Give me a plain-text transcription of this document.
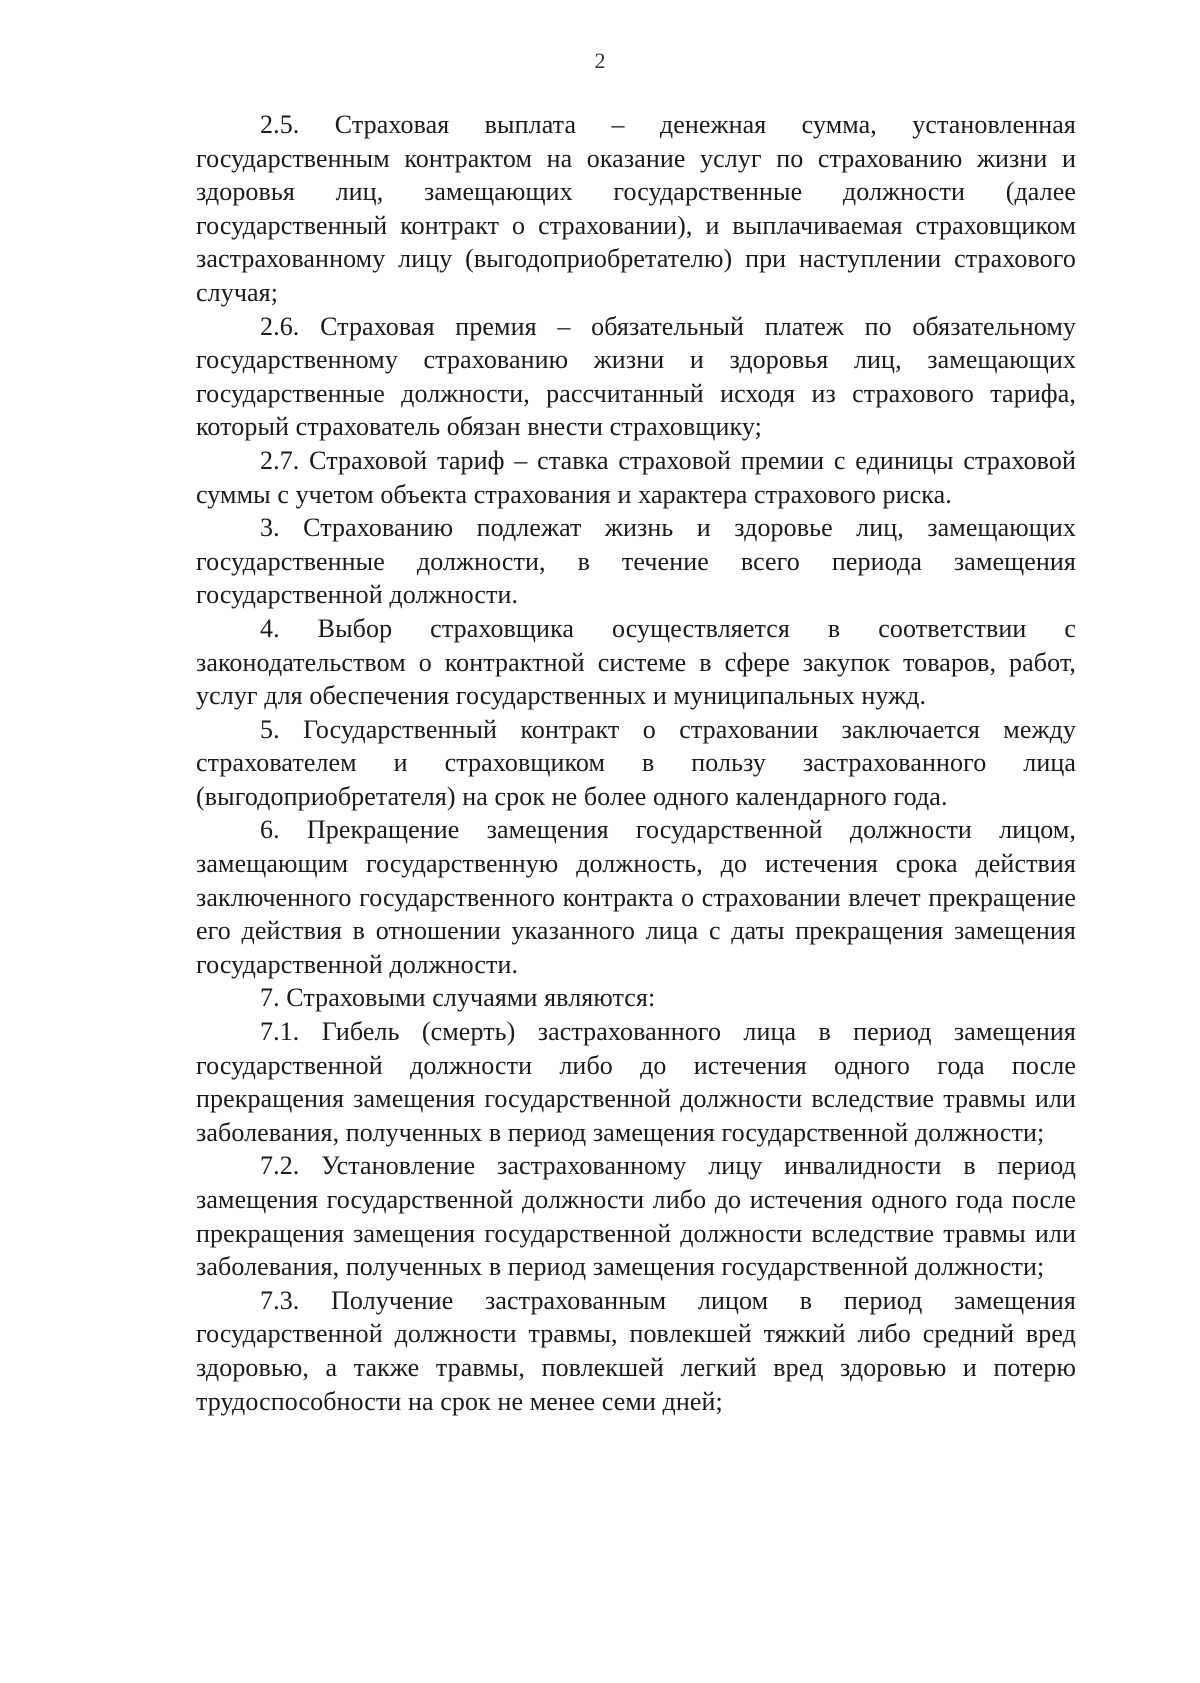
2

2.5. Страховая выплата – денежная сумма, установленная государственным контрактом на оказание услуг по страхованию жизни и здоровья лиц, замещающих государственные должности (далее государственный контракт о страховании), и выплачиваемая страховщиком застрахованному лицу (выгодоприобретателю) при наступлении страхового случая;

2.6. Страховая премия – обязательный платеж по обязательному государственному страхованию жизни и здоровья лиц, замещающих государственные должности, рассчитанный исходя из страхового тарифа, который страхователь обязан внести страховщику;

2.7. Страховой тариф – ставка страховой премии с единицы страховой суммы с учетом объекта страхования и характера страхового риска.

3. Страхованию подлежат жизнь и здоровье лиц, замещающих государственные должности, в течение всего периода замещения государственной должности.

4. Выбор страховщика осуществляется в соответствии с законодательством о контрактной системе в сфере закупок товаров, работ, услуг для обеспечения государственных и муниципальных нужд.

5. Государственный контракт о страховании заключается между страхователем и страховщиком в пользу застрахованного лица (выгодоприобретателя) на срок не более одного календарного года.

6. Прекращение замещения государственной должности лицом, замещающим государственную должность, до истечения срока действия заключенного государственного контракта о страховании влечет прекращение его действия в отношении указанного лица с даты прекращения замещения государственной должности.

7. Страховыми случаями являются:

7.1. Гибель (смерть) застрахованного лица в период замещения государственной должности либо до истечения одного года после прекращения замещения государственной должности вследствие травмы или заболевания, полученных в период замещения государственной должности;

7.2. Установление застрахованному лицу инвалидности в период замещения государственной должности либо до истечения одного года после прекращения замещения государственной должности вследствие травмы или заболевания, полученных в период замещения государственной должности;

7.3. Получение застрахованным лицом в период замещения государственной должности травмы, повлекшей тяжкий либо средний вред здоровью, а также травмы, повлекшей легкий вред здоровью и потерю трудоспособности на срок не менее семи дней;
